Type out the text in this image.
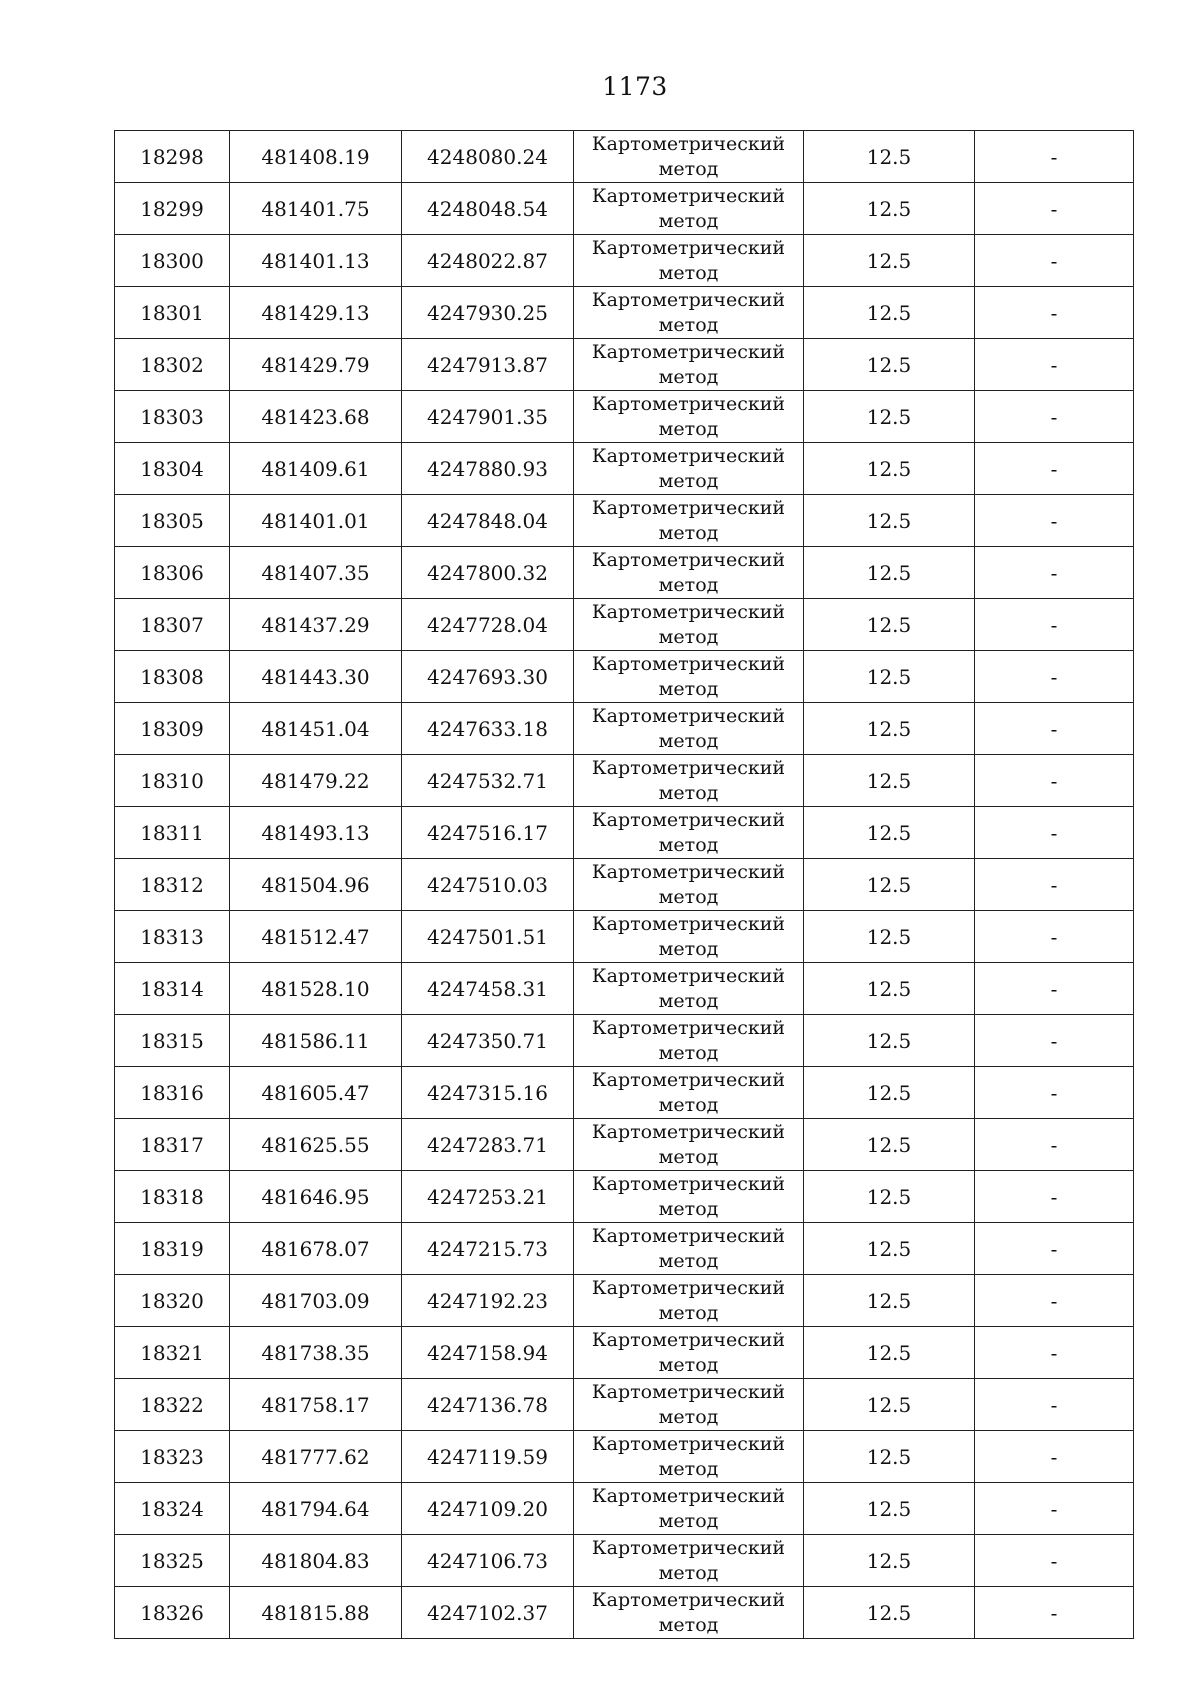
1173
18298	481408.19	4248080.24	Картометрический
метод	12.5	-
18299	481401.75	4248048.54	Картометрический
метод	12.5	-
18300	481401.13	4248022.87	Картометрический
метод	12.5	-
18301	481429.13	4247930.25	Картометрический
метод	12.5	-
18302	481429.79	4247913.87	Картометрический
метод	12.5	-
18303	481423.68	4247901.35	Картометрический
метод	12.5	-
18304	481409.61	4247880.93	Картометрический
метод	12.5	-
18305	481401.01	4247848.04	Картометрический
метод	12.5	-
18306	481407.35	4247800.32	Картометрический
метод	12.5	-
18307	481437.29	4247728.04	Картометрический
метод	12.5	-
18308	481443.30	4247693.30	Картометрический
метод	12.5	-
18309	481451.04	4247633.18	Картометрический
метод	12.5	-
18310	481479.22	4247532.71	Картометрический
метод	12.5	-
18311	481493.13	4247516.17	Картометрический
метод	12.5	-
18312	481504.96	4247510.03	Картометрический
метод	12.5	-
18313	481512.47	4247501.51	Картометрический
метод	12.5	-
18314	481528.10	4247458.31	Картометрический
метод	12.5	-
18315	481586.11	4247350.71	Картометрический
метод	12.5	-
18316	481605.47	4247315.16	Картометрический
метод	12.5	-
18317	481625.55	4247283.71	Картометрический
метод	12.5	-
18318	481646.95	4247253.21	Картометрический
метод	12.5	-
18319	481678.07	4247215.73	Картометрический
метод	12.5	-
18320	481703.09	4247192.23	Картометрический
метод	12.5	-
18321	481738.35	4247158.94	Картометрический
метод	12.5	-
18322	481758.17	4247136.78	Картометрический
метод	12.5	-
18323	481777.62	4247119.59	Картометрический
метод	12.5	-
18324	481794.64	4247109.20	Картометрический
метод	12.5	-
18325	481804.83	4247106.73	Картометрический
метод	12.5	-
18326	481815.88	4247102.37	Картометрический
метод	12.5	-
